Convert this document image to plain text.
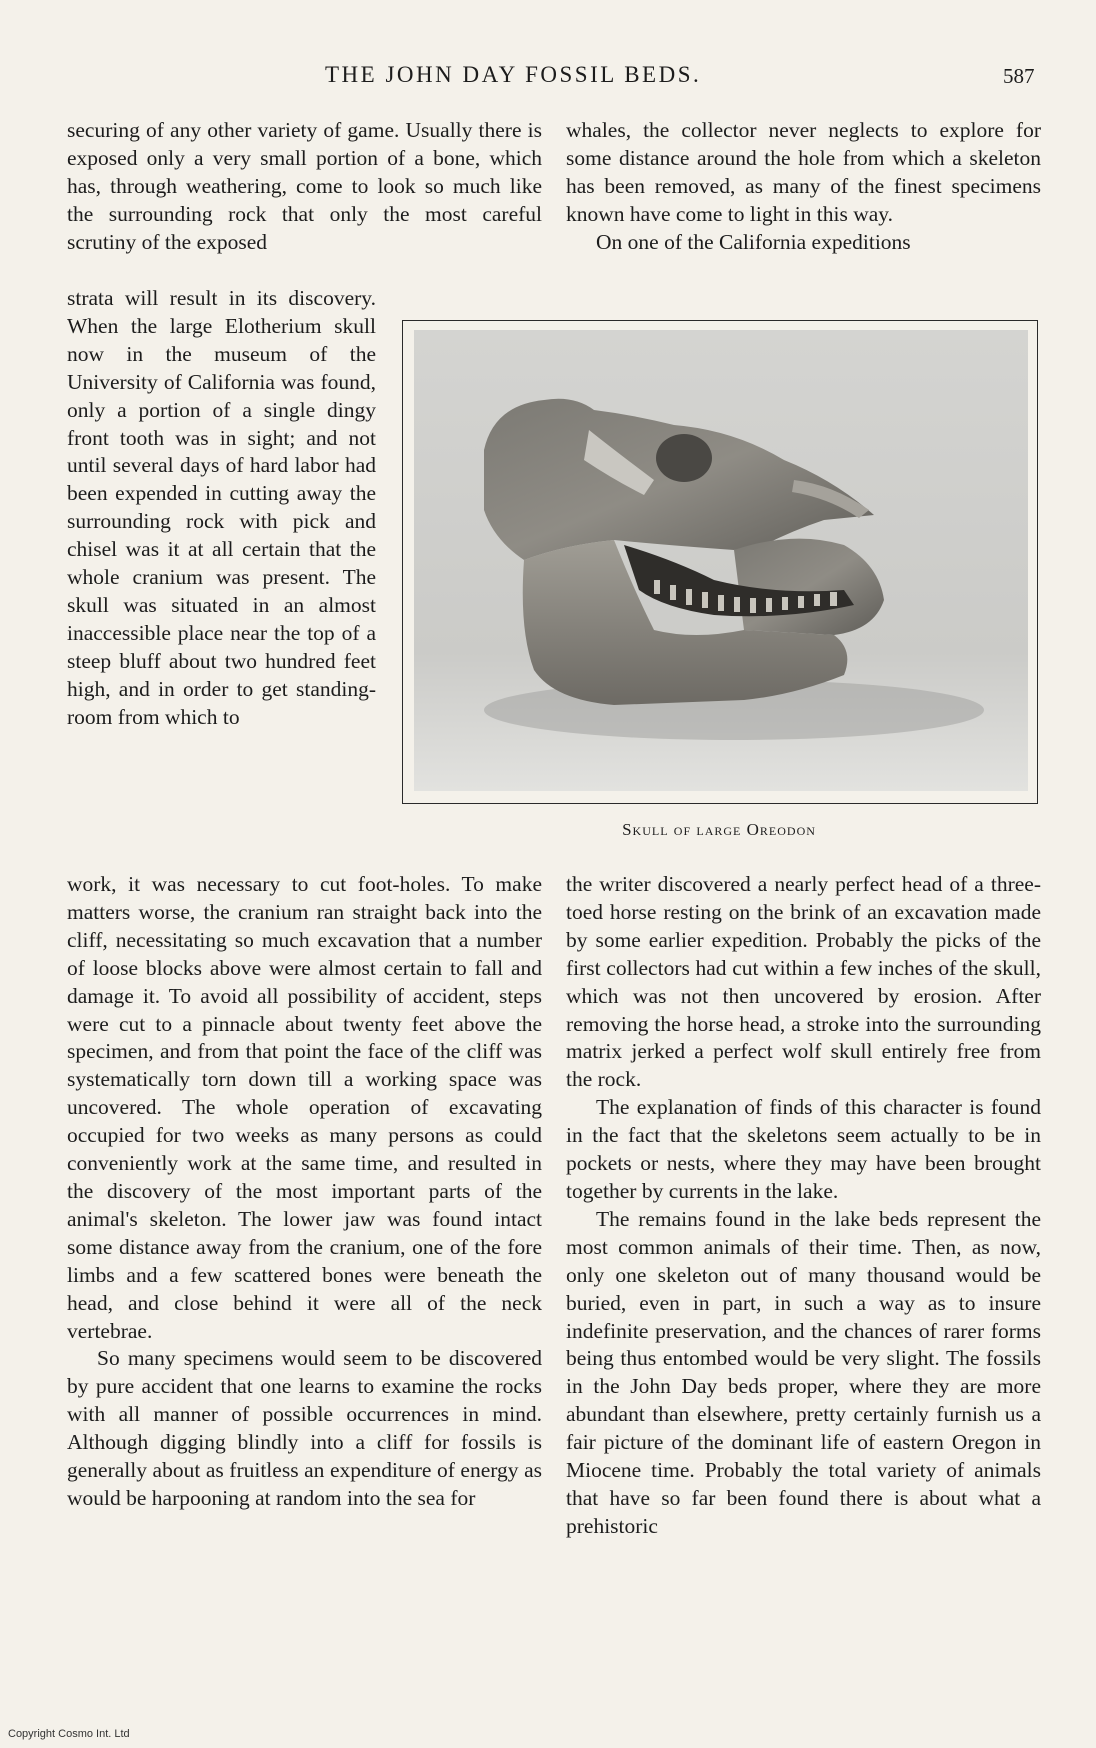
THE JOHN DAY FOSSIL BEDS.	587

securing of any other variety of game. Usually there is exposed only a very small portion of a bone, which has, through weathering, come to look so much like the surrounding rock that only the most careful scrutiny of the exposed

strata will result in its discovery. When the large Elotherium skull now in the museum of the University of California was found, only a portion of a single dingy front tooth was in sight; and not until several days of hard labor had been expended in cutting away the surrounding rock with pick and chisel was it at all certain that the whole cranium was present. The skull was situated in an almost inaccessible place near the top of a steep bluff about two hundred feet high, and in order to get standing-room from which to

work, it was necessary to cut foot-holes. To make matters worse, the cranium ran straight back into the cliff, necessitating so much excavation that a number of loose blocks above were almost certain to fall and damage it. To avoid all possibility of accident, steps were cut to a pinnacle about twenty feet above the specimen, and from that point the face of the cliff was systematically torn down till a working space was uncovered. The whole operation of excavating occupied for two weeks as many persons as could conveniently work at the same time, and resulted in the discovery of the most important parts of the animal's skeleton. The lower jaw was found intact some distance away from the cranium, one of the fore limbs and a few scattered bones were beneath the head, and close behind it were all of the neck vertebrae.

So many specimens would seem to be discovered by pure accident that one learns to examine the rocks with all manner of possible occurrences in mind. Although digging blindly into a cliff for fossils is generally about as fruitless an expenditure of energy as would be harpooning at random into the sea for

whales, the collector never neglects to explore for some distance around the hole from which a skeleton has been removed, as many of the finest specimens known have come to light in this way.

On one of the California expeditions

Skull of large Oreodon

the writer discovered a nearly perfect head of a three-toed horse resting on the brink of an excavation made by some earlier expedition. Probably the picks of the first collectors had cut within a few inches of the skull, which was not then uncovered by erosion. After removing the horse head, a stroke into the surrounding matrix jerked a perfect wolf skull entirely free from the rock.

The explanation of finds of this character is found in the fact that the skeletons seem actually to be in pockets or nests, where they may have been brought together by currents in the lake.

The remains found in the lake beds represent the most common animals of their time. Then, as now, only one skeleton out of many thousand would be buried, even in part, in such a way as to insure indefinite preservation, and the chances of rarer forms being thus entombed would be very slight. The fossils in the John Day beds proper, where they are more abundant than elsewhere, pretty certainly furnish us a fair picture of the dominant life of eastern Oregon in Miocene time. Probably the total variety of animals that have so far been found there is about what a prehistoric

Copyright Cosmo Int. Ltd
